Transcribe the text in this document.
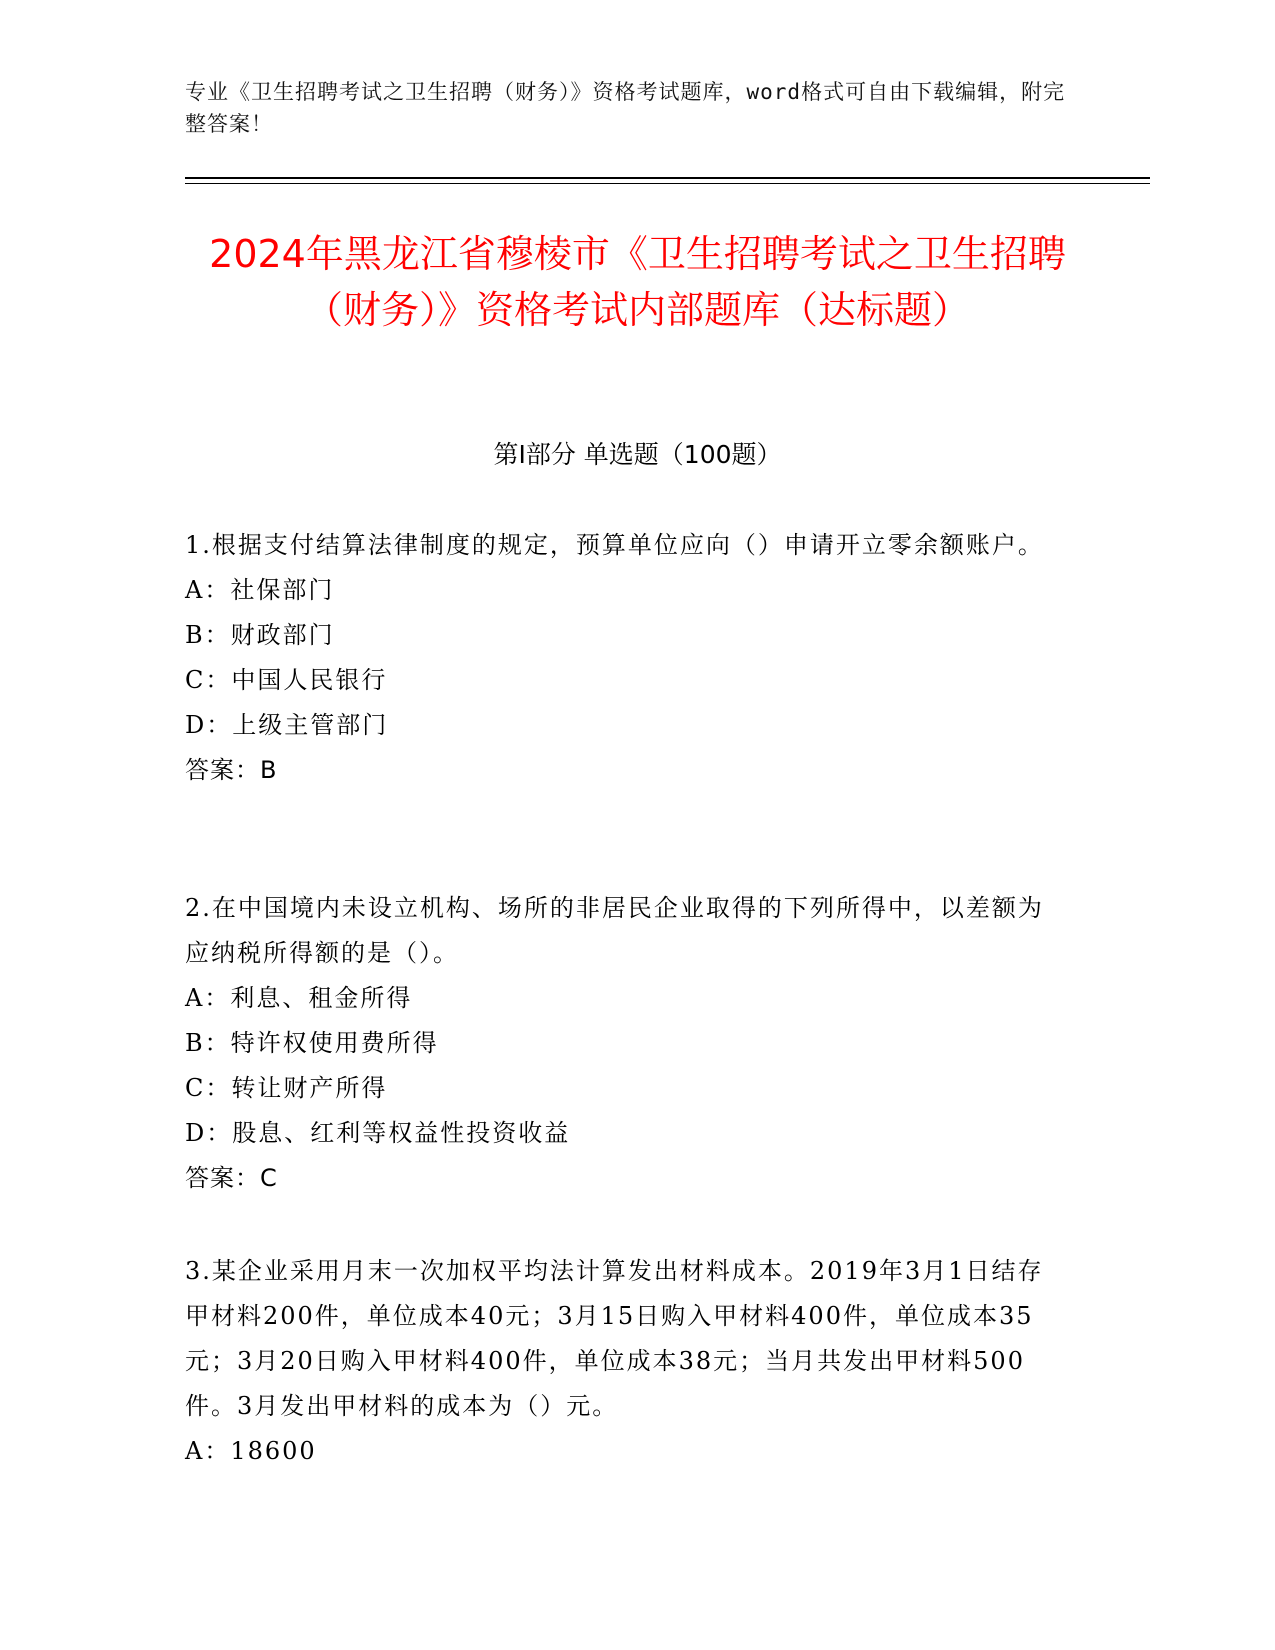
专业《卫生招聘考试之卫生招聘（财务）》资格考试题库，word格式可自由下载编辑，附完整答案！
2024年黑龙江省穆棱市《卫生招聘考试之卫生招聘（财务）》资格考试内部题库（达标题）
第I部分 单选题（100题）

1.根据支付结算法律制度的规定，预算单位应向（）申请开立零余额账户。

A：社保部门

B：财政部门

C：中国人民银行

D：上级主管部门

答案：B

2.在中国境内未设立机构、场所的非居民企业取得的下列所得中，以差额为应纳税所得额的是（）。

A：利息、租金所得

B：特许权使用费所得

C：转让财产所得

D：股息、红利等权益性投资收益

答案：C

3.某企业采用月末一次加权平均法计算发出材料成本。2019年3月1日结存甲材料200件，单位成本40元；3月15日购入甲材料400件，单位成本35元；3月20日购入甲材料400件，单位成本38元；当月共发出甲材料500件。3月发出甲材料的成本为（）元。

A：18600
